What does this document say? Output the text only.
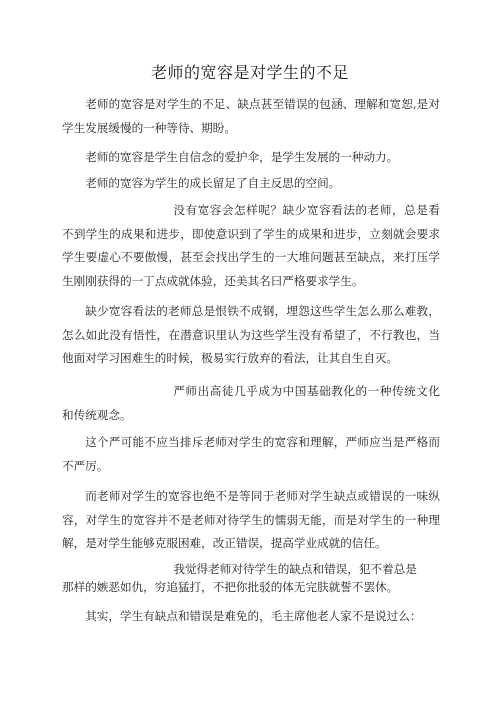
老师的宽容是对学生的不足

老师的宽容是对学生的不足、缺点甚至错误的包涵、理解和宽恕,是对学生发展缓慢的一种等待、期盼。

老师的宽容是学生自信念的爱护伞，是学生发展的一种动力。

老师的宽容为学生的成长留足了自主反思的空间。

没有宽容会怎样呢？缺少宽容看法的老师，总是看不到学生的成果和进步，即使意识到了学生的成果和进步，立刻就会要求学生要虚心不要傲慢，甚至会找出学生的一大堆问题甚至缺点，来打压学生刚刚获得的一丁点成就体验，还美其名曰严格要求学生。

缺少宽容看法的老师总是恨铁不成钢，埋怨这些学生怎么那么难教，怎么如此没有悟性，在潜意识里认为这些学生没有希望了，不行教也，当他面对学习困难生的时候，极易实行放弃的看法，让其自生自灭。

严师出高徒几乎成为中国基础教化的一种传统文化和传统观念。

这个严可能不应当排斥老师对学生的宽容和理解，严师应当是严格而不严厉。

而老师对学生的宽容也绝不是等同于老师对学生缺点或错误的一味纵容，对学生的宽容并不是老师对待学生的懦弱无能，而是对学生的一种理解，是对学生能够克服困难，改正错误，提高学业成就的信任。

我觉得老师对待学生的缺点和错误，犯不着总是

那样的嫉恶如仇，穷追猛打，不把你批驳的体无完肤就誓不罢休。

其实，学生有缺点和错误是难免的，毛主席他老人家不是说过么：
